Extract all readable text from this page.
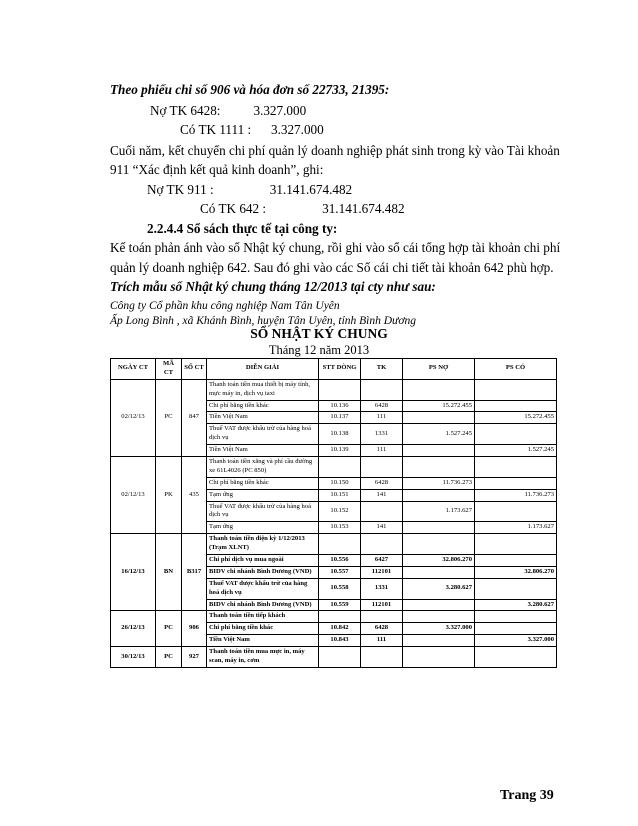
Theo phiếu chi số 906 và hóa đơn số 22733, 21395:
Nợ TK 6428:          3.327.000
Có TK 1111 :      3.327.000
Cuối năm, kết chuyển chi phí quản lý doanh nghiệp phát sinh trong kỳ vào Tài khoản
911 “Xác định kết quả kinh doanh”, ghi:
Nợ TK 911 :                 31.141.674.482
Có TK 642 :                 31.141.674.482
2.2.4.4 Sổ sách thực tế tại công ty:
Kế toán phản ánh vào sổ Nhật ký chung, rồi ghi vào sổ cái tổng hợp tài khoản chi phí
quản lý doanh nghiệp 642. Sau đó ghi vào các Sổ cái chi tiết tài khoản 642 phù hợp.
Trích mẫu sổ Nhật ký chung tháng 12/2013 tại cty như sau:
Công ty Cổ phần khu công nghiệp Nam Tân Uyên
Ấp Long Bình , xã Khánh Bình, huyện Tân Uyên, tỉnh Bình Dương
SỔ NHẬT KÝ CHUNG
Tháng 12 năm 2013
NGÀY CT	MÃ CT	SỐ CT	DIỄN GIẢI	STT DÒNG	TK	PS NỢ	PS CÓ
02/12/13	PC	847	Thanh toán tiền mua thiết bị máy tính, mực máy in, dịch vụ taxi				
			Chi phí bằng tiền khác	10.136	6428	15.272.455	
			Tiền Việt Nam	10.137	111		15.272.455
			Thuế VAT được khấu trừ của hàng hoá dịch vụ	10.138	1331	1.527.245	
			Tiền Việt Nam	10.139	111		1.527.245
02/12/13	PK	435	Thanh toán tiền xăng và phí cầu đường xe 61L4026 (PC 850)				
			Chi phí bằng tiền khác	10.150	6428	11.736.273	
			Tạm ứng	10.151	141		11.736.273
			Thuế VAT được khấu trừ của hàng hoá dịch vụ	10.152		1.173.627	
			Tạm ứng	10.153	141		1.173.627
16/12/13	BN	B317	Thanh toán tiền điện kỳ 1/12/2013 (Trạm XLNT)				
			Chi phí dịch vụ mua ngoài	10.556	6427	32.806.270	
			BIDV chi nhánh Bình Dương (VND)	10.557	112101		32.806.270
			Thuế VAT được khấu trừ của hàng hoá dịch vụ	10.558	1331	3.280.627	
			BIDV chi nhánh Bình Dương (VND)	10.559	112101		3.280.627
26/12/13	PC	906	Thanh toán tiền tiếp khách				
			Chi phí bằng tiền khác	10.842	6428	3.327.000	
			Tiền Việt Nam	10.843	111		3.327.000
30/12/13	PC	927	Thanh toán tiền mua mực in, máy scan, máy in, cơm				
Trang 39
